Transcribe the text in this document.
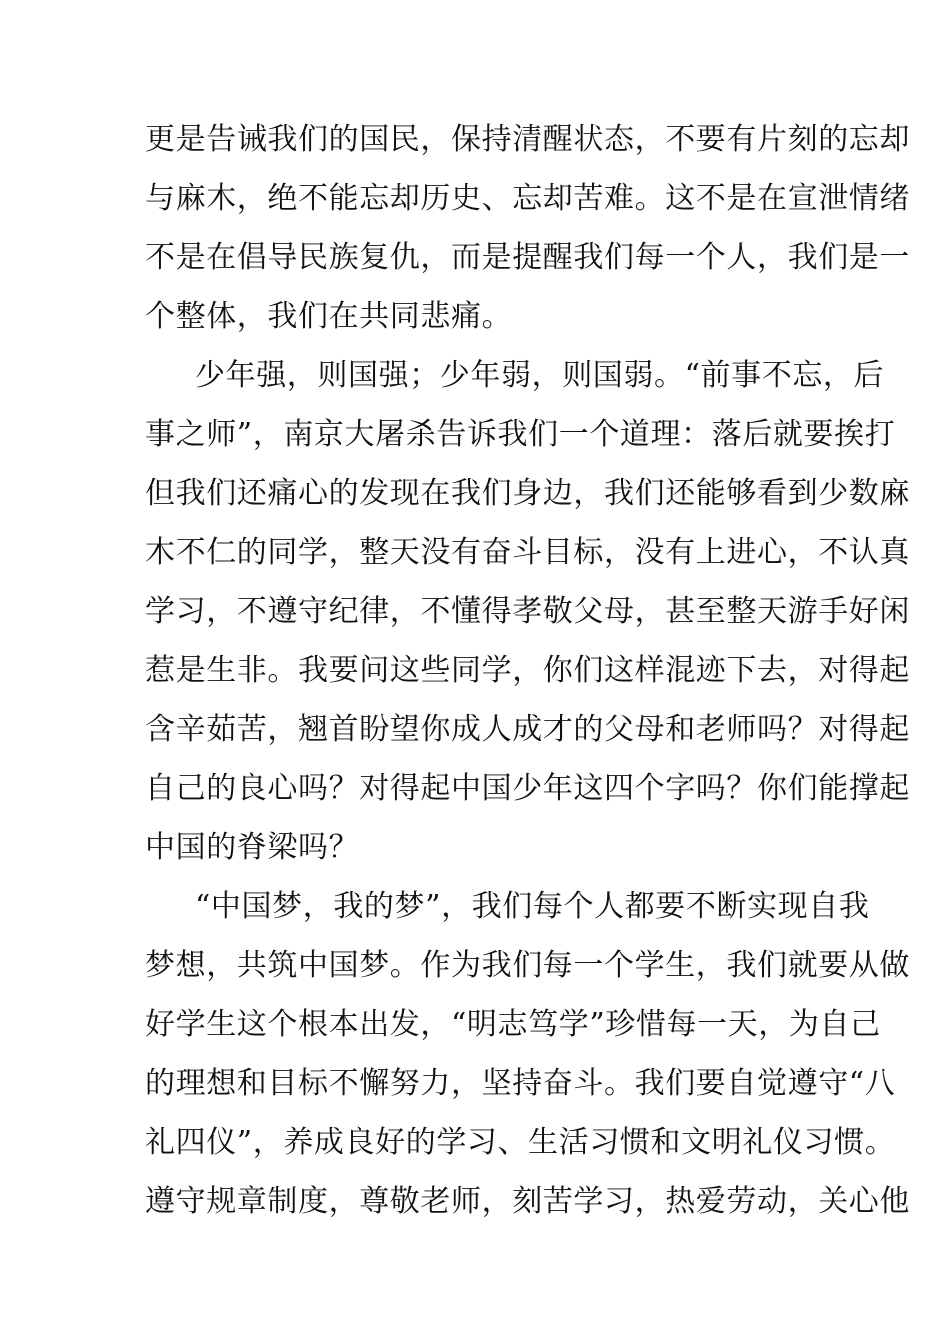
更是告诫我们的国民，保持清醒状态，不要有片刻的忘却
与麻木，绝不能忘却历史、忘却苦难。这不是在宣泄情绪
不是在倡导民族复仇，而是提醒我们每一个人，我们是一
个整体，我们在共同悲痛。
少年强，则国强；少年弱，则国弱。“前事不忘，后
事之师”，南京大屠杀告诉我们一个道理：落后就要挨打
但我们还痛心的发现在我们身边，我们还能够看到少数麻
木不仁的同学，整天没有奋斗目标，没有上进心，不认真
学习，不遵守纪律，不懂得孝敬父母，甚至整天游手好闲
惹是生非。我要问这些同学，你们这样混迹下去，对得起
含辛茹苦，翘首盼望你成人成才的父母和老师吗？对得起
自己的良心吗？对得起中国少年这四个字吗？你们能撑起
中国的脊梁吗？
“中国梦，我的梦”，我们每个人都要不断实现自我
梦想，共筑中国梦。作为我们每一个学生，我们就要从做
好学生这个根本出发，“明志笃学”珍惜每一天，为自己
的理想和目标不懈努力，坚持奋斗。我们要自觉遵守“八
礼四仪”，养成良好的学习、生活习惯和文明礼仪习惯。
遵守规章制度，尊敬老师，刻苦学习，热爱劳动，关心他
